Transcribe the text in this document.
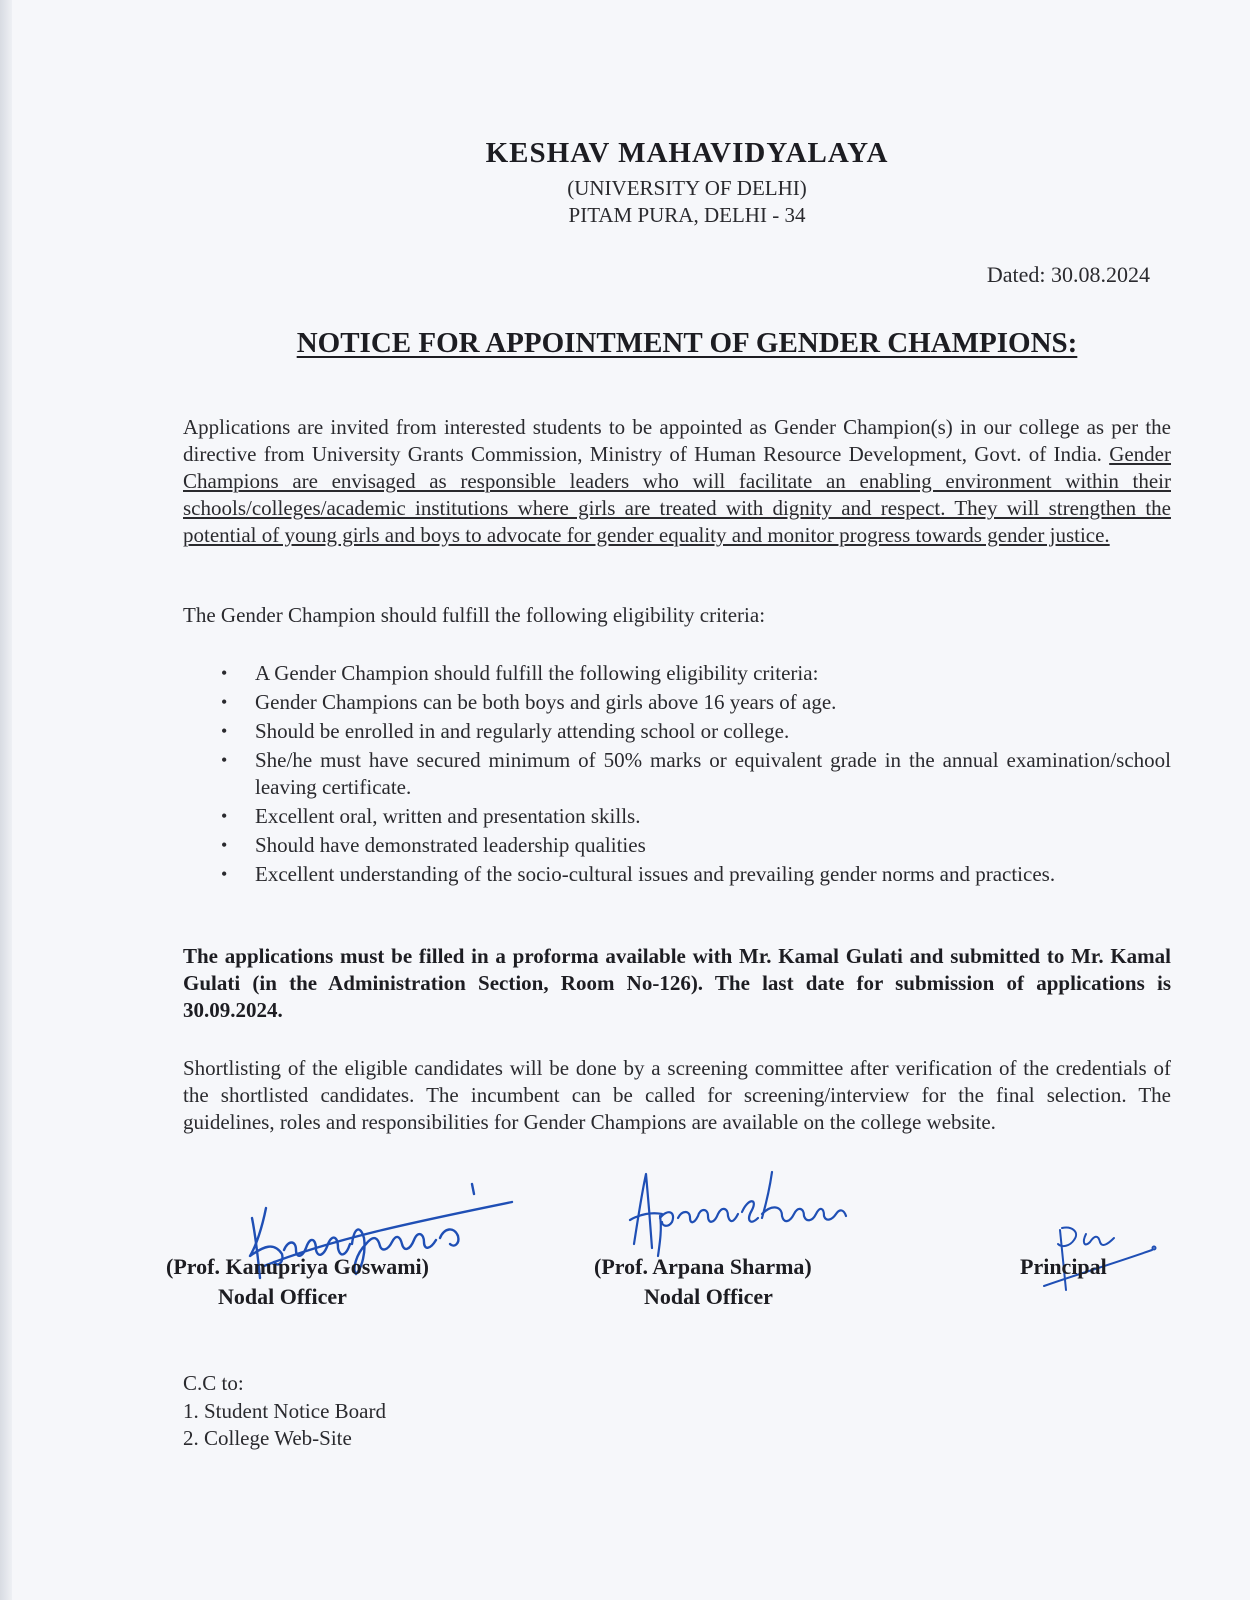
KESHAV MAHAVIDYALAYA
(UNIVERSITY OF DELHI)
PITAM PURA, DELHI - 34
Dated: 30.08.2024
NOTICE FOR APPOINTMENT OF GENDER CHAMPIONS:
Applications are invited from interested students to be appointed as Gender Champion(s) in our college as per the directive from University Grants Commission, Ministry of Human Resource Development, Govt. of India. Gender Champions are envisaged as responsible leaders who will facilitate an enabling environment within their schools/colleges/academic institutions where girls are treated with dignity and respect. They will strengthen the potential of young girls and boys to advocate for gender equality and monitor progress towards gender justice.
The Gender Champion should fulfill the following eligibility criteria:
• A Gender Champion should fulfill the following eligibility criteria:
• Gender Champions can be both boys and girls above 16 years of age.
• Should be enrolled in and regularly attending school or college.
• She/he must have secured minimum of 50% marks or equivalent grade in the annual examination/school leaving certificate.
• Excellent oral, written and presentation skills.
• Should have demonstrated leadership qualities
• Excellent understanding of the socio-cultural issues and prevailing gender norms and practices.
The applications must be filled in a proforma available with Mr. Kamal Gulati and submitted to Mr. Kamal Gulati (in the Administration Section, Room No-126). The last date for submission of applications is 30.09.2024.
Shortlisting of the eligible candidates will be done by a screening committee after verification of the credentials of the shortlisted candidates. The incumbent can be called for screening/interview for the final selection. The guidelines, roles and responsibilities for Gender Champions are available on the college website.
(Prof. Kanupriya Goswami)
Nodal Officer
(Prof. Arpana Sharma)
Nodal Officer
Principal
C.C to:
1. Student Notice Board
2. College Web-Site
